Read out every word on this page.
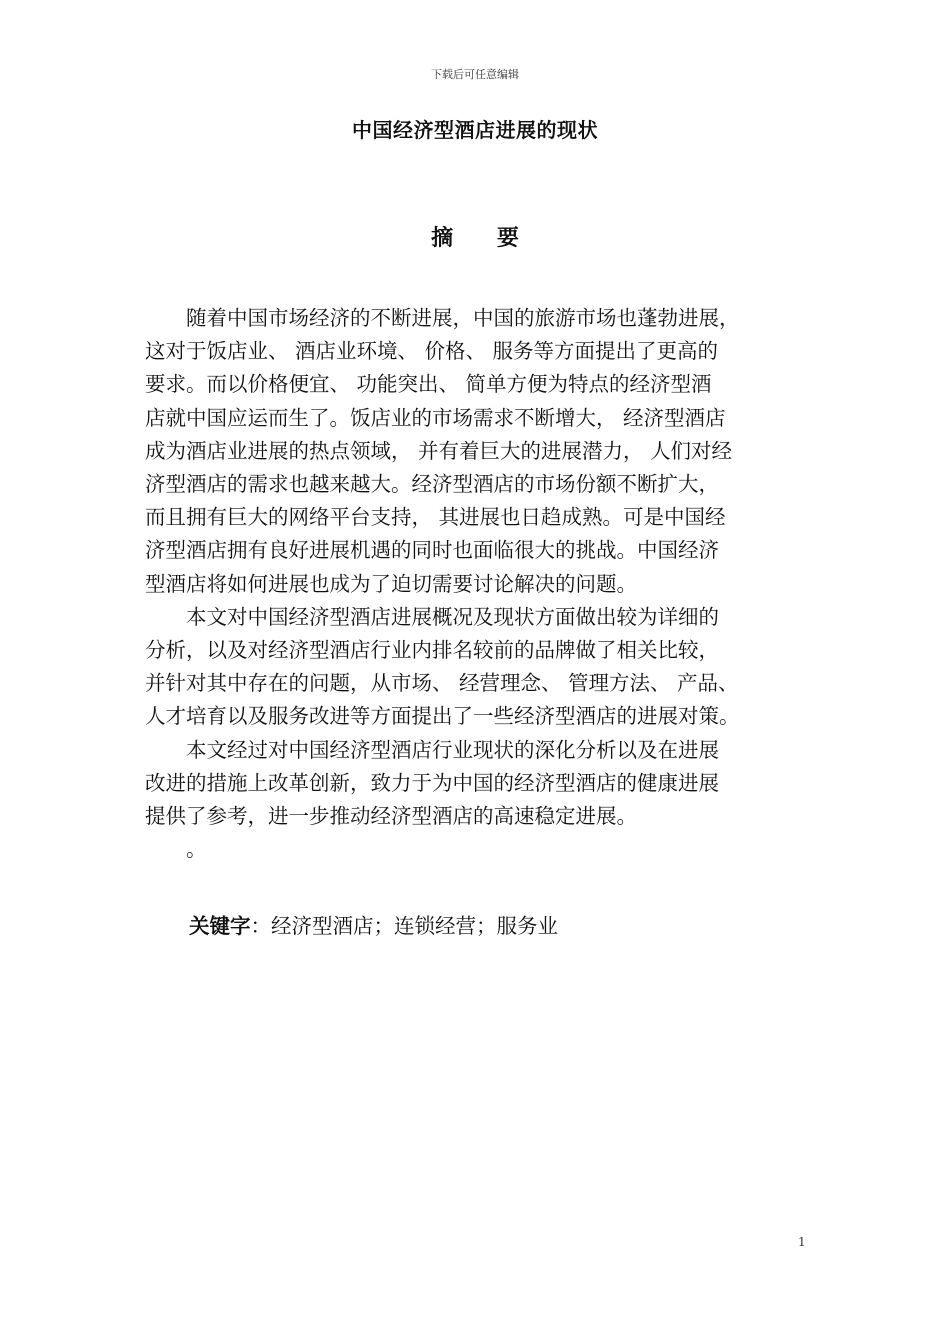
下载后可任意编辑
中国经济型酒店进展的现状
摘 要

随着中国市场经济的不断进展，中国的旅游市场也蓬勃进展，
这对于饭店业、 酒店业环境、 价格、 服务等方面提出了更高的
要求。而以价格便宜、 功能突出、 简单方便为特点的经济型酒
店就中国应运而生了。饭店业的市场需求不断增大， 经济型酒店
成为酒店业进展的热点领域， 并有着巨大的进展潜力， 人们对经
济型酒店的需求也越来越大。经济型酒店的市场份额不断扩大，
而且拥有巨大的网络平台支持， 其进展也日趋成熟。可是中国经
济型酒店拥有良好进展机遇的同时也面临很大的挑战。中国经济
型酒店将如何进展也成为了迫切需要讨论解决的问题。

本文对中国经济型酒店进展概况及现状方面做出较为详细的
分析，以及对经济型酒店行业内排名较前的品牌做了相关比较，
并针对其中存在的问题，从市场、 经营理念、 管理方法、 产品、
人才培育以及服务改进等方面提出了一些经济型酒店的进展对策。

本文经过对中国经济型酒店行业现状的深化分析以及在进展
改进的措施上改革创新，致力于为中国的经济型酒店的健康进展
提供了参考，进一步推动经济型酒店的高速稳定进展。

。

关键字：经济型酒店；连锁经营；服务业
1
